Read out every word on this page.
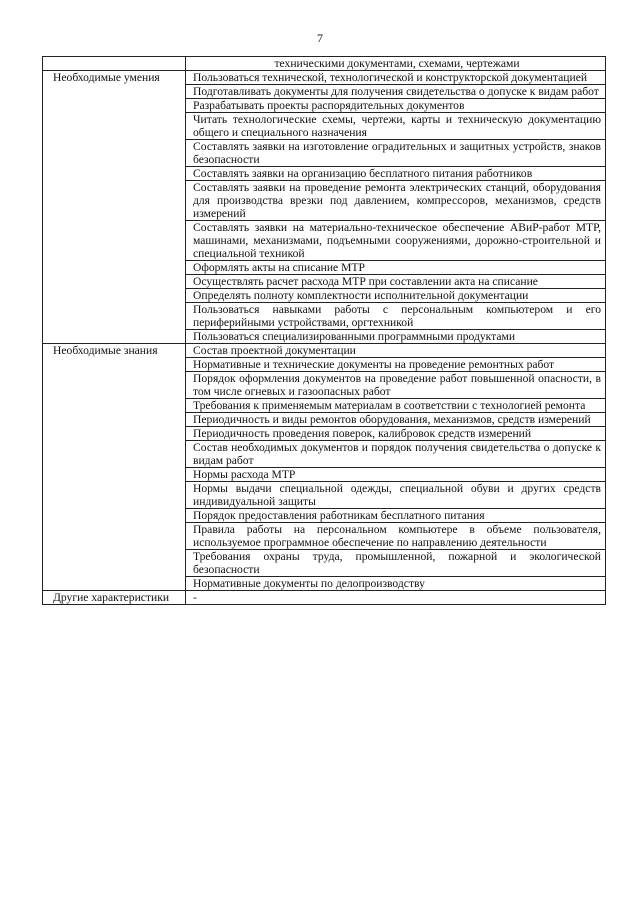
7
	техническими документами, схемами, чертежами
Необходимые умения	Пользоваться технической, технологической и конструкторской документацией
	Подготавливать документы для получения свидетельства о допуске к видам работ
	Разрабатывать проекты распорядительных документов
	Читать технологические схемы, чертежи, карты и техническую документацию общего и специального назначения
	Составлять заявки на изготовление оградительных и защитных устройств, знаков безопасности
	Составлять заявки на организацию бесплатного питания работников
	Составлять заявки на проведение ремонта электрических станций, оборудования для производства врезки под давлением, компрессоров, механизмов, средств измерений
	Составлять заявки на материально-техническое обеспечение АВиР-работ МТР, машинами, механизмами, подъемными сооружениями, дорожно-строительной и специальной техникой
	Оформлять акты на списание МТР
	Осуществлять расчет расхода МТР при составлении акта на списание
	Определять полноту комплектности исполнительной документации
	Пользоваться навыками работы с персональным компьютером и его периферийными устройствами, оргтехникой
	Пользоваться специализированными программными продуктами
Необходимые знания	Состав проектной документации
	Нормативные и технические документы на проведение ремонтных работ
	Порядок оформления документов на проведение работ повышенной опасности, в том числе огневых и газоопасных работ
	Требования к применяемым материалам в соответствии с технологией ремонта
	Периодичность и виды ремонтов оборудования, механизмов, средств измерений
	Периодичность проведения поверок, калибровок средств измерений
	Состав необходимых документов и порядок получения свидетельства о допуске к видам работ
	Нормы расхода МТР
	Нормы выдачи специальной одежды, специальной обуви и других средств индивидуальной защиты
	Порядок предоставления работникам бесплатного питания
	Правила работы на персональном компьютере в объеме пользователя, используемое программное обеспечение по направлению деятельности
	Требования охраны труда, промышленной, пожарной и экологической безопасности
	Нормативные документы по делопроизводству
Другие характеристики	-
